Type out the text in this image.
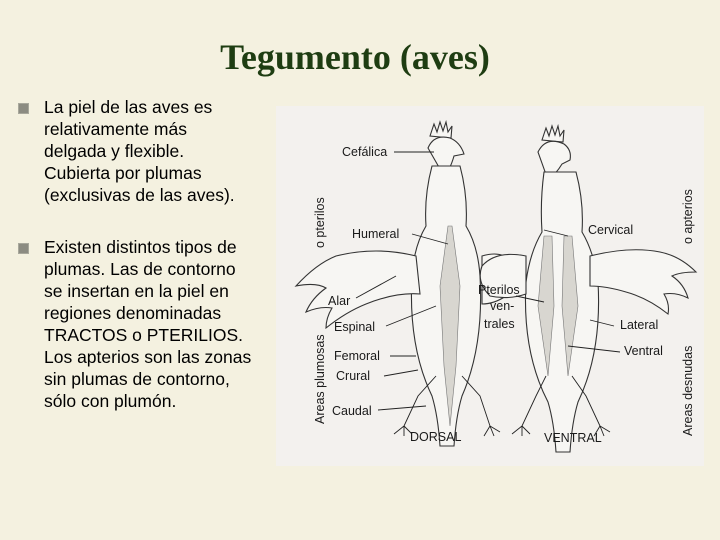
Tegumento (aves)
La piel de las aves es
relativamente más
delgada y flexible.
Cubierta por plumas
(exclusivas de las aves).
Existen distintos tipos de
plumas. Las de contorno
se insertan en la piel en
regiones denominadas
TRACTOS o PTERILIOS.
Los apterios son las zonas
sin plumas de contorno,
sólo con plumón.
Cefálica
Humeral
Alar
Espinal
Femoral
Crural
Caudal
Cervical
Pterilos
ven-
trales	Lateral
Ventral
DORSAL	VENTRAL
o pterilos
Areas plumosas
o apterios
Areas desnudas
